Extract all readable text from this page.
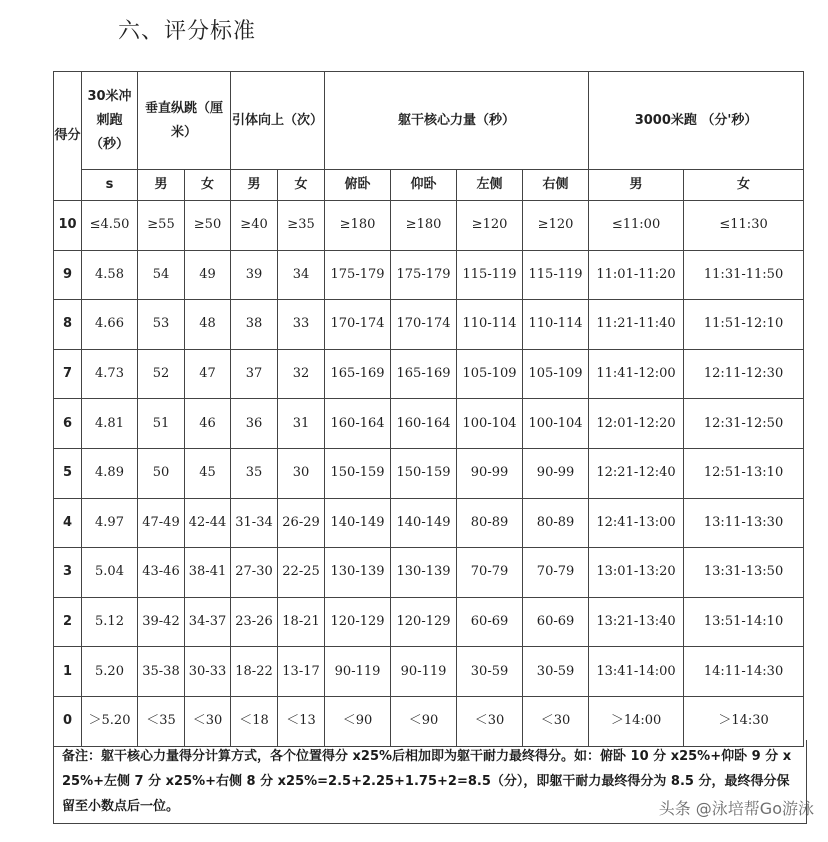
六、评分标准
得分	30米冲刺跑（秒）	垂直纵跳（厘米）		引体向上（次）		躯干核心力量（秒）				3000米跑 （分'秒）	
	s	男	女	男	女	俯卧	仰卧	左侧	右侧	男	女
10	≤4.50	≥55	≥50	≥40	≥35	≥180	≥180	≥120	≥120	≤11:00	≤11:30
9	4.58	54	49	39	34	175-179	175-179	115-119	115-119	11:01-11:20	11:31-11:50
8	4.66	53	48	38	33	170-174	170-174	110-114	110-114	11:21-11:40	11:51-12:10
7	4.73	52	47	37	32	165-169	165-169	105-109	105-109	11:41-12:00	12:11-12:30
6	4.81	51	46	36	31	160-164	160-164	100-104	100-104	12:01-12:20	12:31-12:50
5	4.89	50	45	35	30	150-159	150-159	90-99	90-99	12:21-12:40	12:51-13:10
4	4.97	47-49	42-44	31-34	26-29	140-149	140-149	80-89	80-89	12:41-13:00	13:11-13:30
3	5.04	43-46	38-41	27-30	22-25	130-139	130-139	70-79	70-79	13:01-13:20	13:31-13:50
2	5.12	39-42	34-37	23-26	18-21	120-129	120-129	60-69	60-69	13:21-13:40	13:51-14:10
1	5.20	35-38	30-33	18-22	13-17	90-119	90-119	30-59	30-59	13:41-14:00	14:11-14:30
0	＞5.20	＜35	＜30	＜18	＜13	＜90	＜90	＜30	＜30	＞14:00	＞14:30
备注：躯干核心力量得分计算方式，各个位置得分 x25%后相加即为躯干耐力最终得分。如：俯卧 10 分 x25%+仰卧 9 分 x25%+左侧 7 分 x25%+右侧 8 分 x25%=2.5+2.25+1.75+2=8.5（分），即躯干耐力最终得分为 8.5 分，最终得分保留至小数点后一位。	头条 @泳培帮Go游泳
